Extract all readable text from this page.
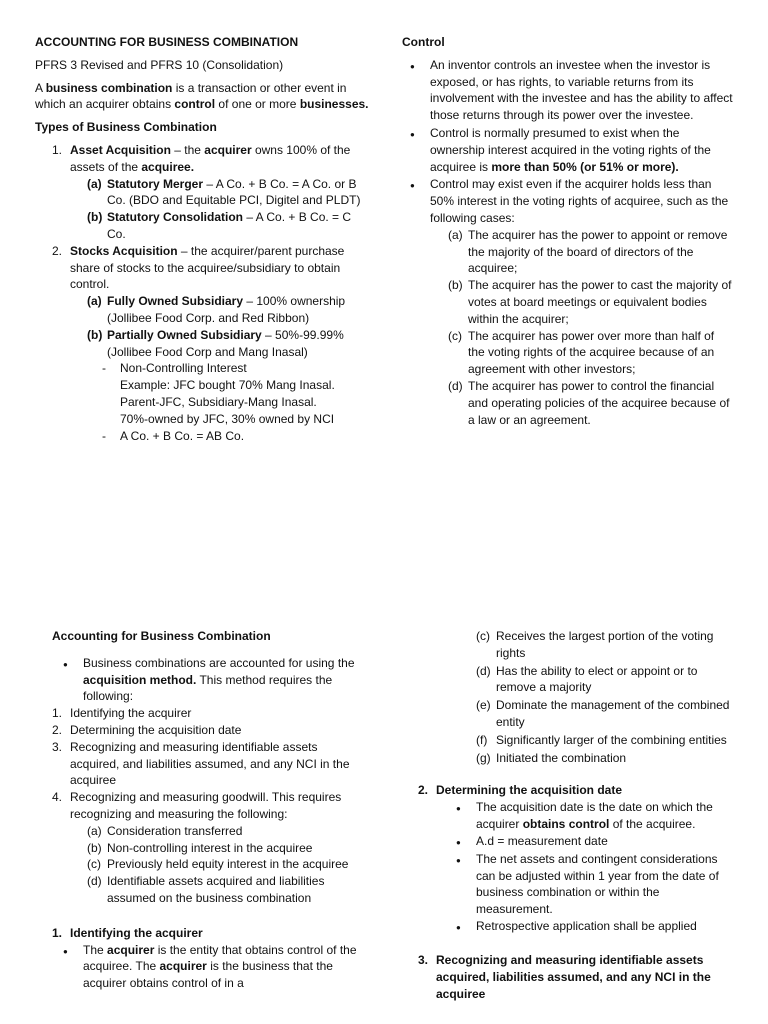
ACCOUNTING FOR BUSINESS COMBINATION

PFRS 3 Revised and PFRS 10 (Consolidation)

A business combination is a transaction or other event in which an acquirer obtains control of one or more businesses.

Types of Business Combination
1. Asset Acquisition – the acquirer owns 100% of the assets of the acquiree.
(a) Statutory Merger – A Co. + B Co. = A Co. or B Co. (BDO and Equitable PCI, Digitel and PLDT)
(b) Statutory Consolidation – A Co. + B Co. = C Co.
2. Stocks Acquisition – the acquirer/parent purchase share of stocks to the acquiree/subsidiary to obtain control.
(a) Fully Owned Subsidiary – 100% ownership (Jollibee Food Corp. and Red Ribbon)
(b) Partially Owned Subsidiary – 50%-99.99% (Jollibee Food Corp and Mang Inasal)
-	Non-Controlling Interest
Example: JFC bought 70% Mang Inasal.
Parent-JFC, Subsidiary-Mang Inasal.
70%-owned by JFC, 30% owned by NCI
-	A Co. + B Co. = AB Co.
Control
●
An inventor controls an investee when the investor is exposed, or has rights, to variable returns from its involvement with the investee and has the ability to affect those returns through its power over the investee.
●
Control is normally presumed to exist when the ownership interest acquired in the voting rights of the acquiree is more than 50% (or 51% or more).
●
Control may exist even if the acquirer holds less than 50% interest in the voting rights of acquiree, such as the following cases:
(a) The acquirer has the power to appoint or remove the majority of the board of directors of the acquiree;
(b) The acquirer has the power to cast the majority of votes at board meetings or equivalent bodies within the acquirer;
(c) The acquirer has power over more than half of the voting rights of the acquiree because of an agreement with other investors;
(d) The acquirer has power to control the financial and operating policies of the acquiree because of a law or an agreement.
Accounting for Business Combination
●
Business combinations are accounted for using the acquisition method. This method requires the following:
1. Identifying the acquirer
2. Determining the acquisition date
3. Recognizing and measuring identifiable assets acquired, and liabilities assumed, and any NCI in the acquiree
4. Recognizing and measuring goodwill. This requires recognizing and measuring the following:
(a) Consideration transferred
(b) Non-controlling interest in the acquiree
(c) Previously held equity interest in the acquiree
(d) Identifiable assets acquired and liabilities assumed on the business combination
1. Identifying the acquirer
●
The acquirer is the entity that obtains control of the acquiree. The acquirer is the business that the acquirer obtains control of in a
(c) Receives the largest portion of the voting rights
(d) Has the ability to elect or appoint or to remove a majority
(e) Dominate the management of the combined entity
(f) Significantly larger of the combining entities
(g) Initiated the combination
2. Determining the acquisition date
●
The acquisition date is the date on which the acquirer obtains control of the acquiree.
●
A.d = measurement date
●
The net assets and contingent considerations can be adjusted within 1 year from the date of business combination or within the measurement.
●
Retrospective application shall be applied
3. Recognizing and measuring identifiable assets acquired, liabilities assumed, and any NCI in the acquiree
